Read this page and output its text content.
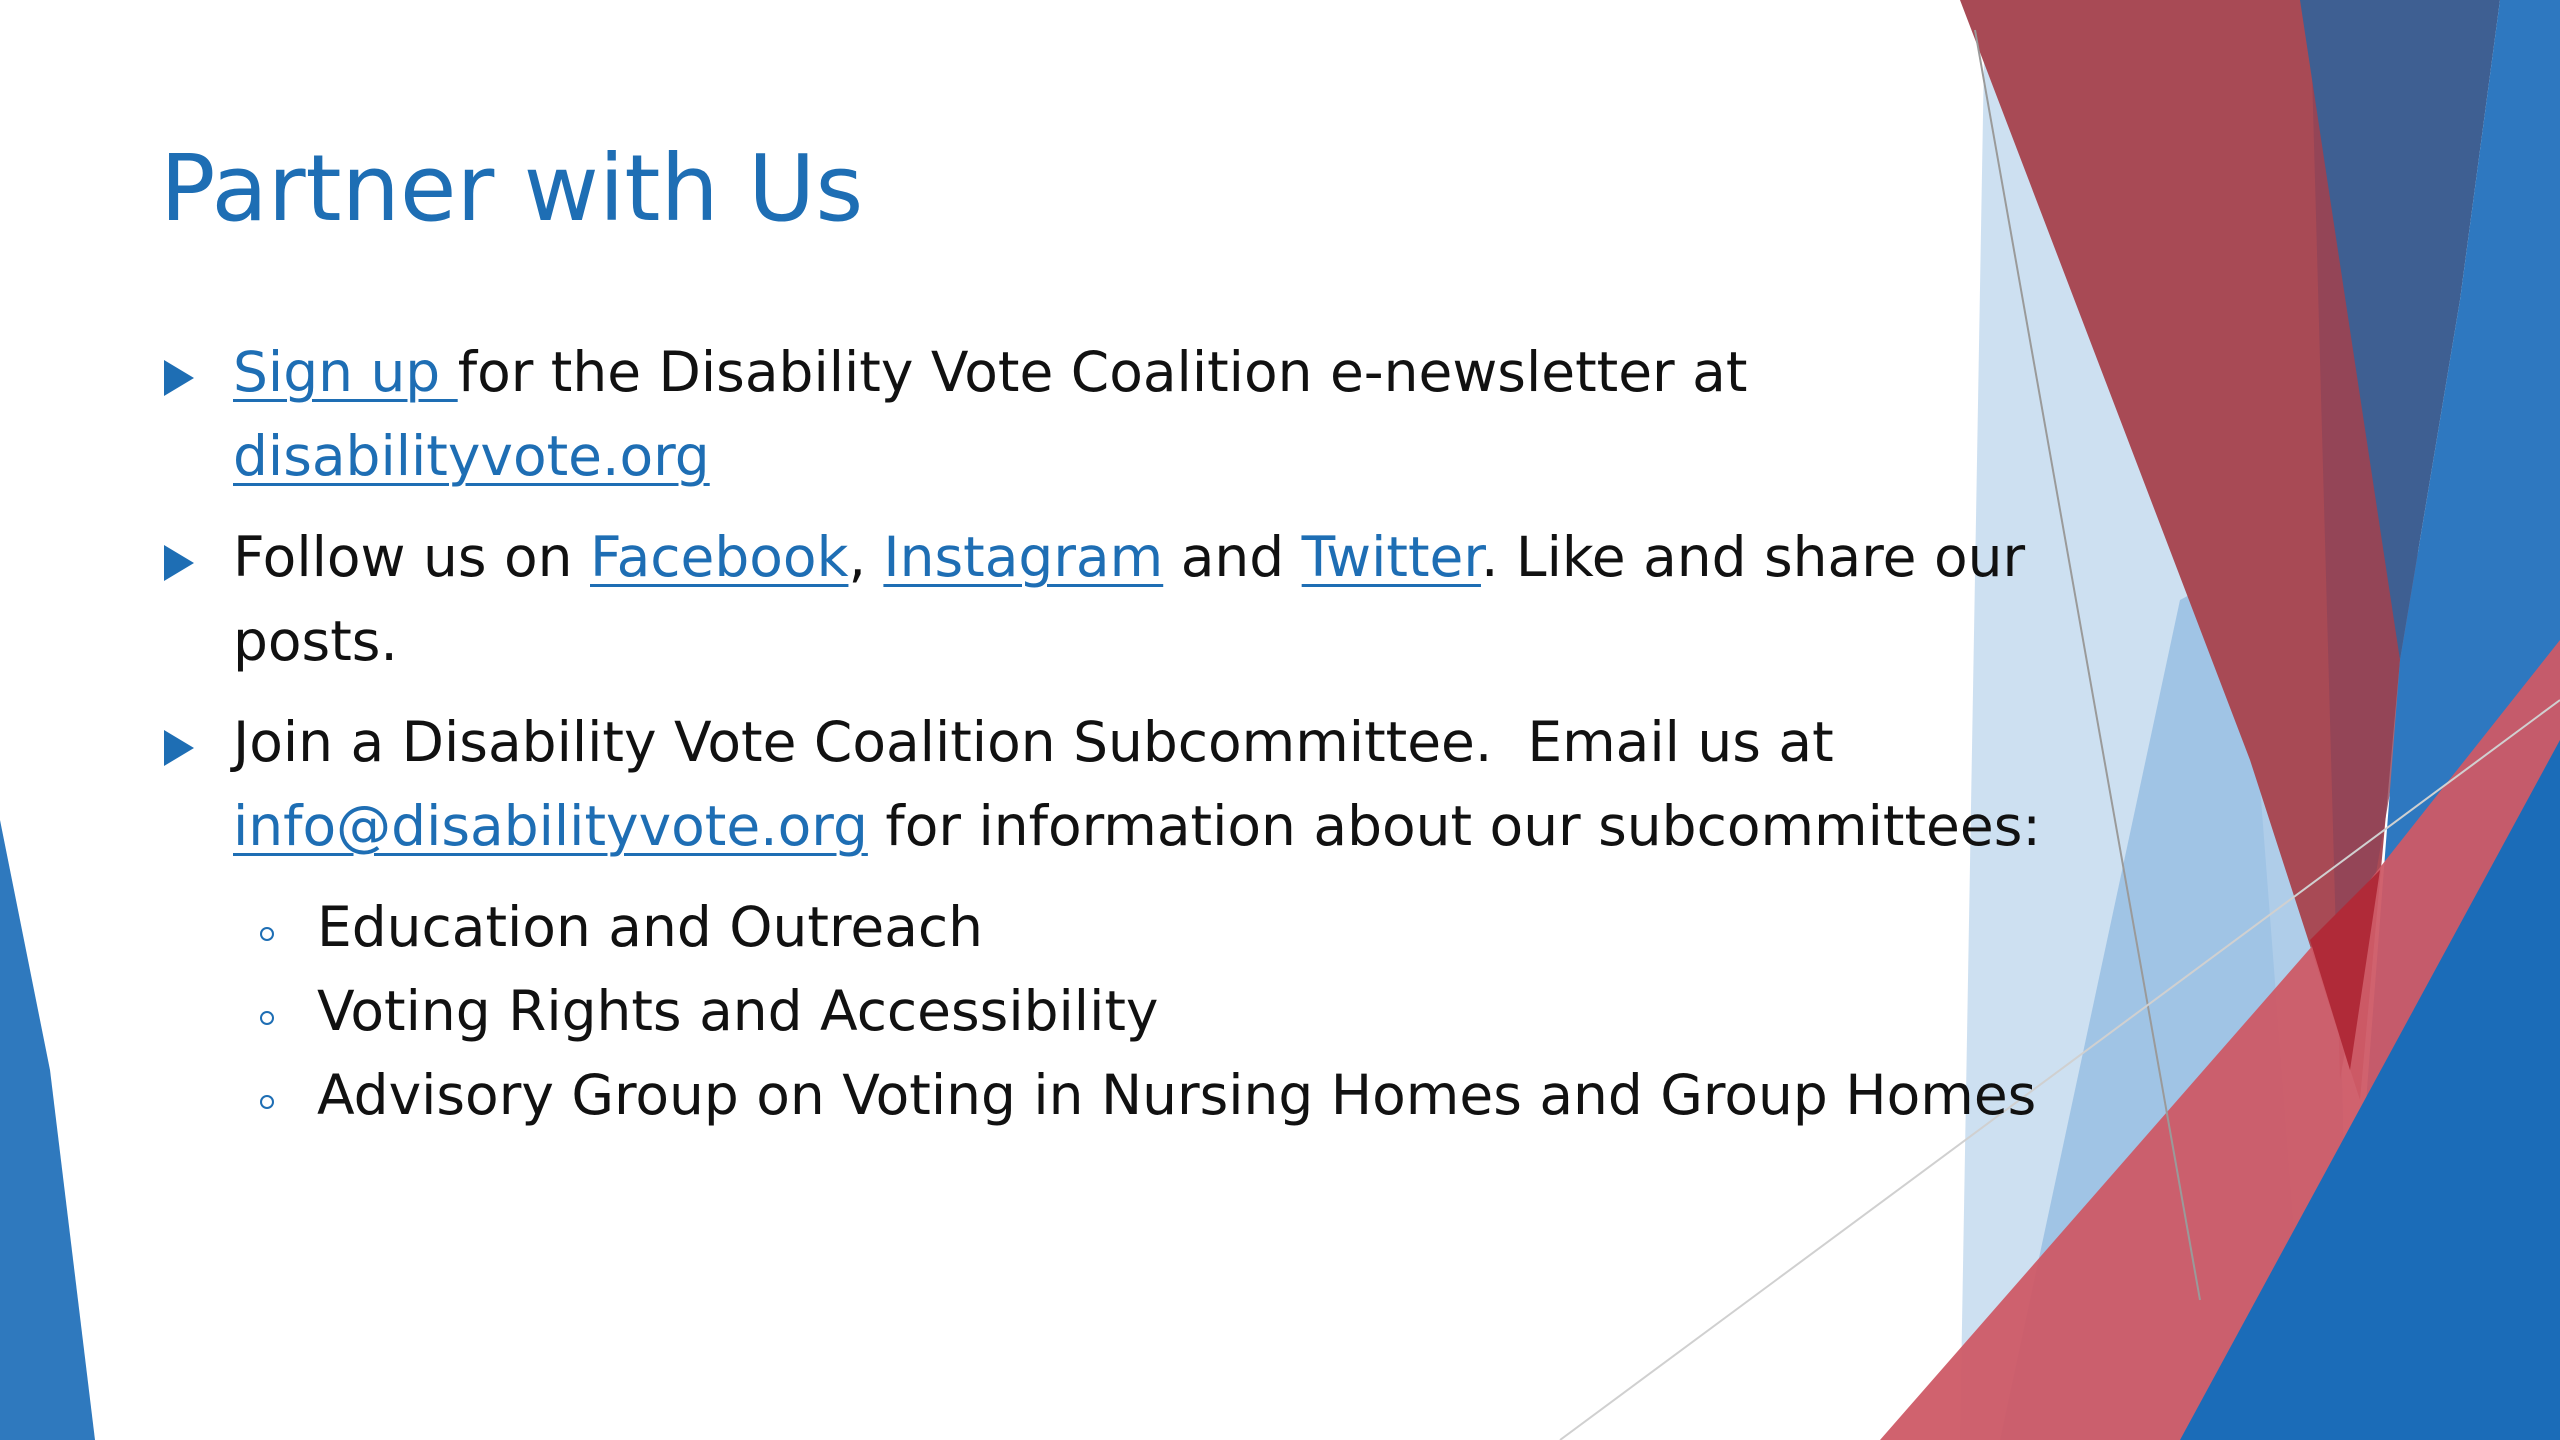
Partner with Us
Sign up for the Disability Vote Coalition e-newsletter at
disabilityvote.org
Follow us on Facebook, Instagram and Twitter. Like and share our
posts.
Join a Disability Vote Coalition Subcommittee.  Email us at
info@disabilityvote.org for information about our subcommittees:
Education and Outreach
Voting Rights and Accessibility
Advisory Group on Voting in Nursing Homes and Group Homes
